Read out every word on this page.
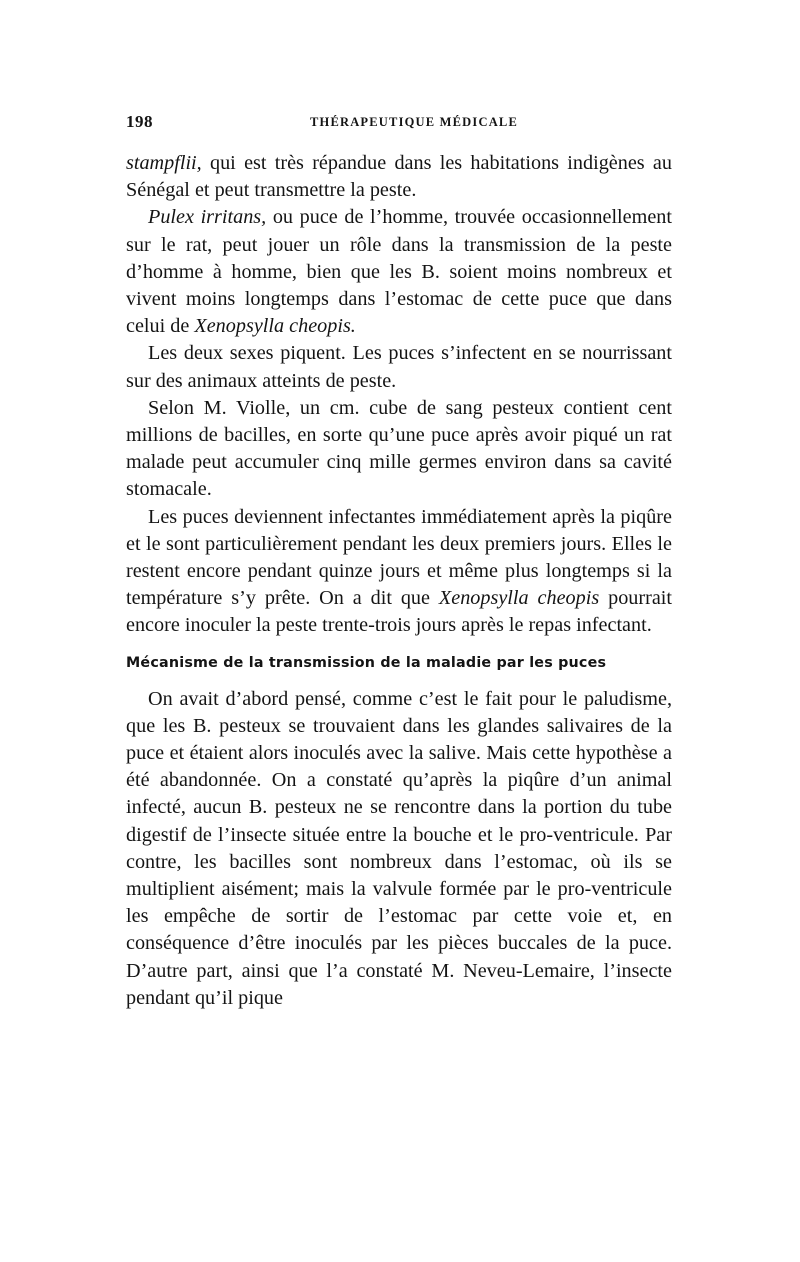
198	THÉRAPEUTIQUE MÉDICALE

stampflii, qui est très répandue dans les habitations indigènes au Sénégal et peut transmettre la peste.

Pulex irritans, ou puce de l’homme, trouvée occasionnellement sur le rat, peut jouer un rôle dans la transmission de la peste d’homme à homme, bien que les B. soient moins nombreux et vivent moins longtemps dans l’estomac de cette puce que dans celui de Xenopsylla cheopis.

Les deux sexes piquent. Les puces s’infectent en se nourrissant sur des animaux atteints de peste.

Selon M. Violle, un cm. cube de sang pesteux contient cent millions de bacilles, en sorte qu’une puce après avoir piqué un rat malade peut accumuler cinq mille germes environ dans sa cavité stomacale.

Les puces deviennent infectantes immédiatement après la piqûre et le sont particulièrement pendant les deux premiers jours. Elles le restent encore pendant quinze jours et même plus longtemps si la température s’y prête. On a dit que Xenopsylla cheopis pourrait encore inoculer la peste trente-trois jours après le repas infectant.

Mécanisme de la transmission de la maladie par les puces

On avait d’abord pensé, comme c’est le fait pour le paludisme, que les B. pesteux se trouvaient dans les glandes salivaires de la puce et étaient alors inoculés avec la salive. Mais cette hypothèse a été abandonnée. On a constaté qu’après la piqûre d’un animal infecté, aucun B. pesteux ne se rencontre dans la portion du tube digestif de l’insecte située entre la bouche et le pro-ventricule. Par contre, les bacilles sont nombreux dans l’estomac, où ils se multiplient aisément; mais la valvule formée par le pro-ventricule les empêche de sortir de l’estomac par cette voie et, en conséquence d’être inoculés par les pièces buccales de la puce. D’autre part, ainsi que l’a constaté M. Neveu-Lemaire, l’insecte pendant qu’il pique
